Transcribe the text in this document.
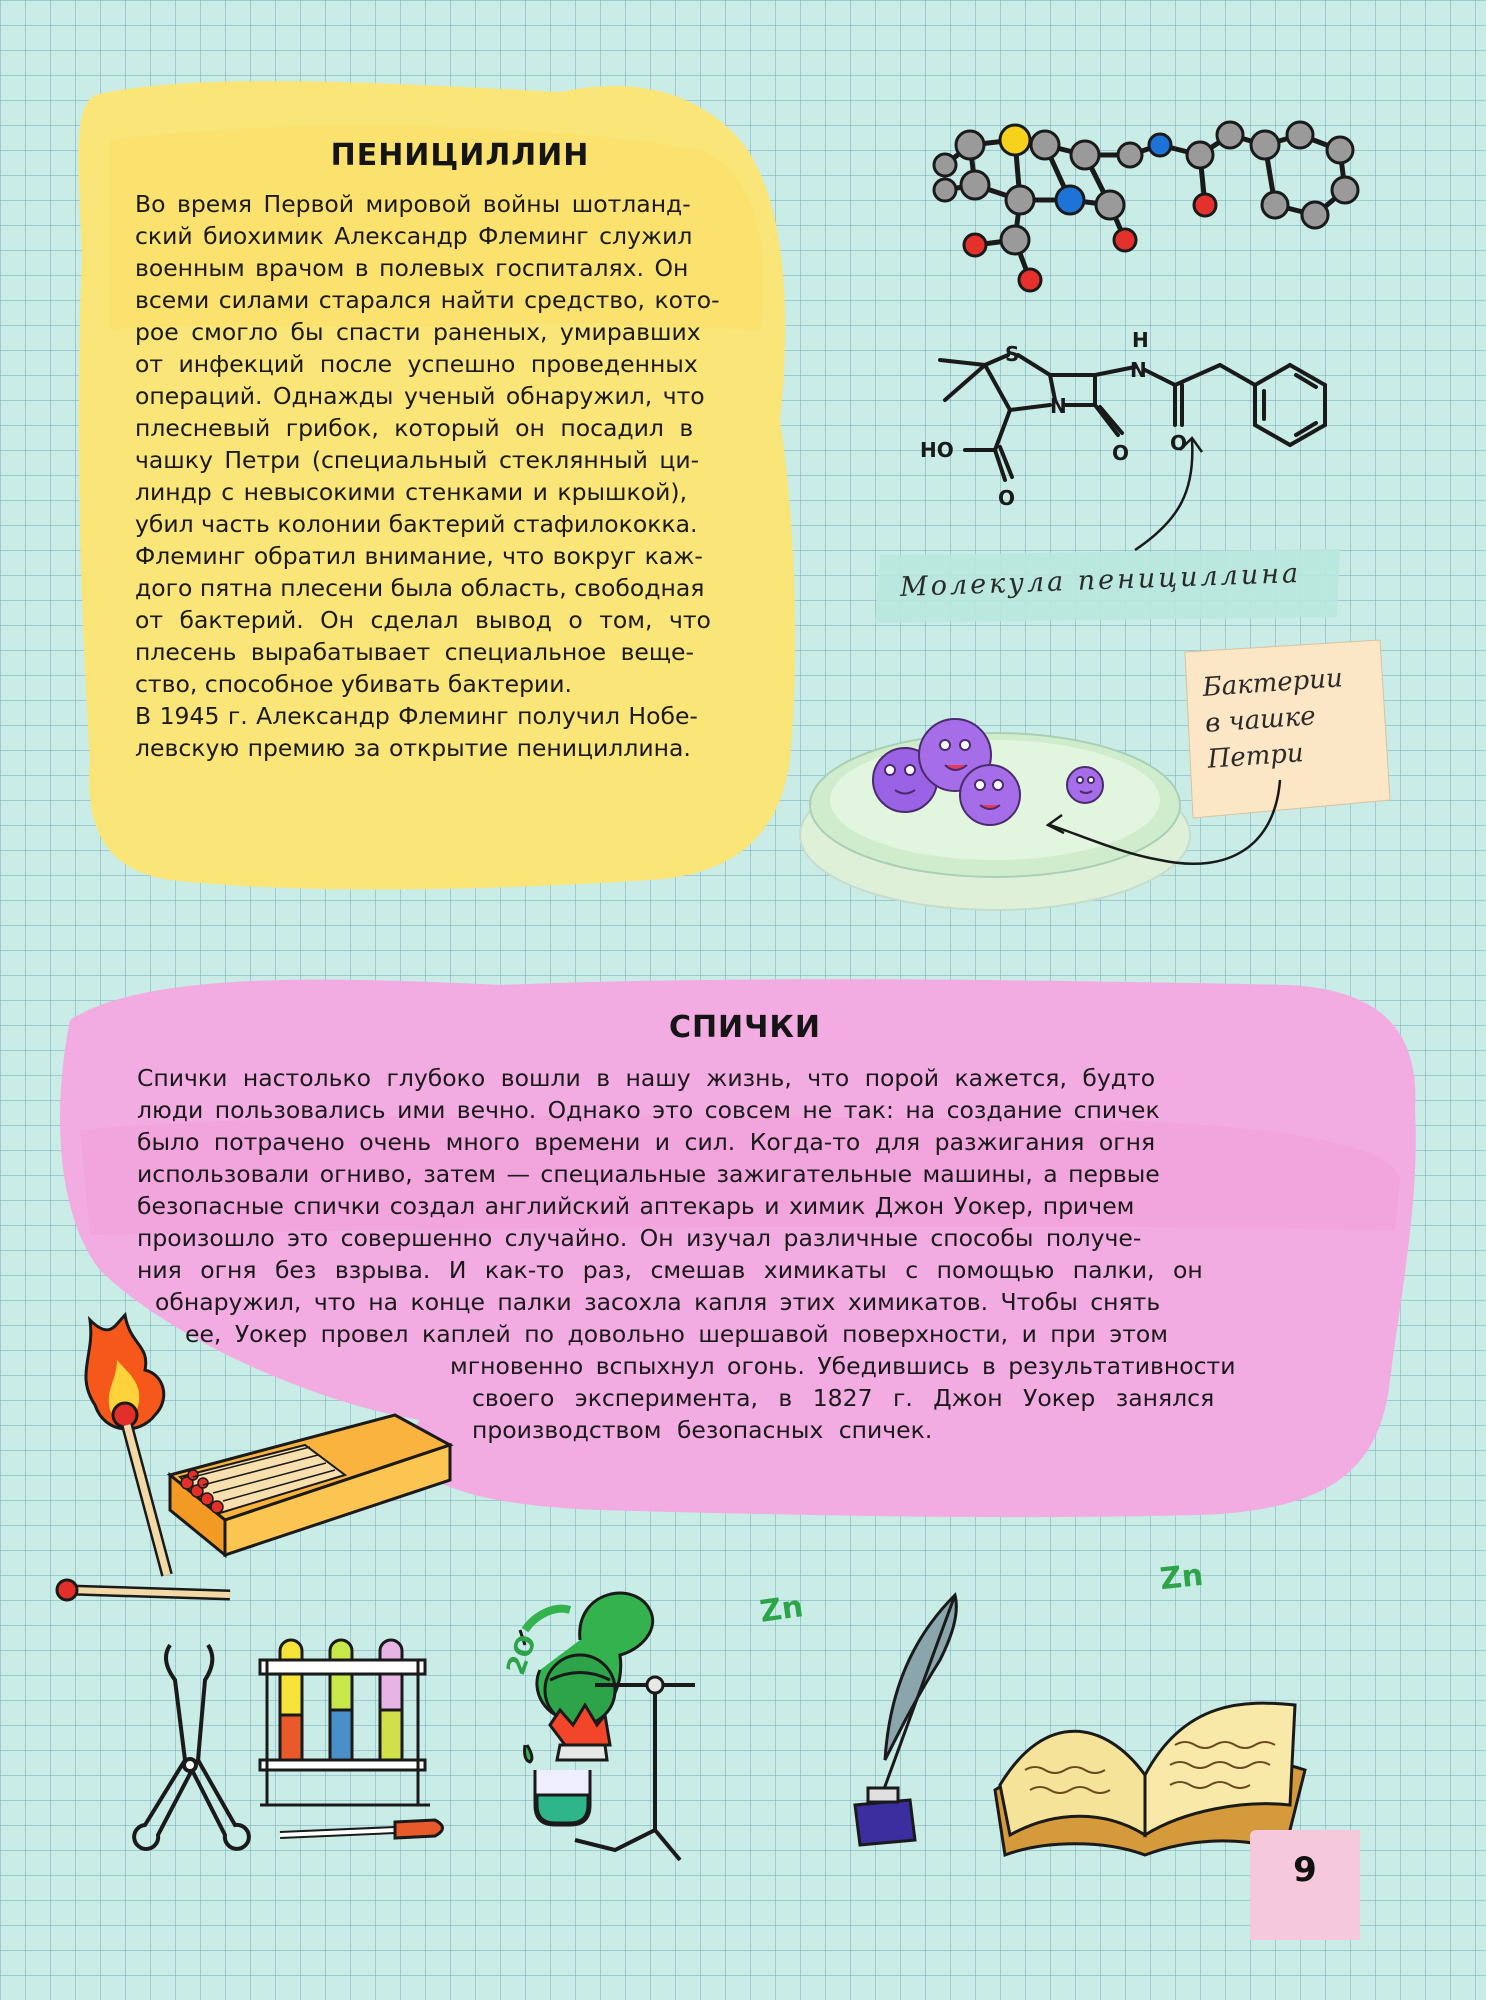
ПЕНИЦИЛЛИН
Во время Первой мировой войны шотланд-
ский биохимик Александр Флеминг служил
военным врачом в полевых госпиталях. Он
всеми силами старался найти средство, кото-
рое смогло бы спасти раненых, умиравших
от инфекций после успешно проведенных
операций. Однажды ученый обнаружил, что
плесневый грибок, который он посадил в
чашку Петри (специальный стеклянный ци-
линдр с невысокими стенками и крышкой),
убил часть колонии бактерий стафилококка.
Флеминг обратил внимание, что вокруг каж-
дого пятна плесени была область, свободная
от бактерий. Он сделал вывод о том, что
плесень вырабатывает специальное веще-
ство, способное убивать бактерии.
В 1945 г. Александр Флеминг получил Нобе-
левскую премию за открытие пенициллина.
S
N
N
H
O O
O
HO
Молекула пенициллина
Бактерии
в чашке
Петри
СПИЧКИ
Спички настолько глубоко вошли в нашу жизнь, что порой кажется, будто
люди пользовались ими вечно. Однако это совсем не так: на создание спичек
было потрачено очень много времени и сил. Когда-то для разжигания огня
использовали огниво, затем — специальные зажигательные машины, а первые
безопасные спички создал английский аптекарь и химик Джон Уокер, причем
произошло это совершенно случайно. Он изучал различные способы получе-
ния огня без взрыва. И как-то раз, смешав химикаты с помощью палки, он
обнаружил, что на конце палки засохла капля этих химикатов. Чтобы снять
ее, Уокер провел каплей по довольно шершавой поверхности, и при этом
мгновенно вспыхнул огонь. Убедившись в результативности
своего эксперимента, в 1827 г. Джон Уокер занялся
производством безопасных спичек.
Zn
Zn
2O
9
